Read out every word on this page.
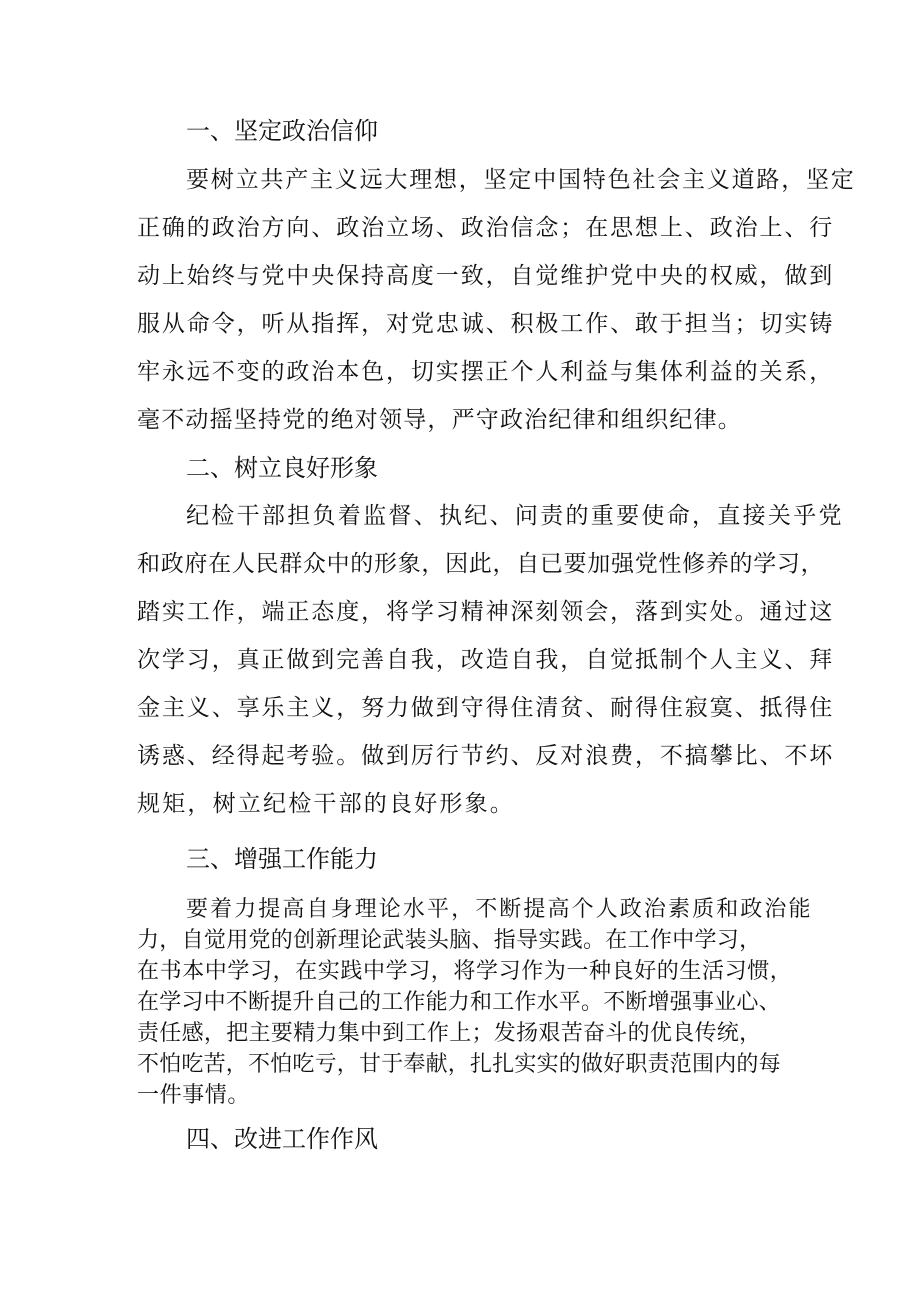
一、坚定政治信仰

要树立共产主义远大理想，坚定中国特色社会主义道路，坚定

正确的政治方向、政治立场、政治信念；在思想上、政治上、行

动上始终与党中央保持高度一致，自觉维护党中央的权威，做到

服从命令，听从指挥，对党忠诚、积极工作、敢于担当；切实铸

牢永远不变的政治本色，切实摆正个人利益与集体利益的关系，

毫不动摇坚持党的绝对领导，严守政治纪律和组织纪律。

二、树立良好形象

纪检干部担负着监督、执纪、问责的重要使命，直接关乎党

和政府在人民群众中的形象，因此，自已要加强党性修养的学习，

踏实工作，端正态度，将学习精神深刻领会，落到实处。通过这

次学习，真正做到完善自我，改造自我，自觉抵制个人主义、拜

金主义、享乐主义，努力做到守得住清贫、耐得住寂寞、抵得住

诱惑、经得起考验。做到厉行节约、反对浪费，不搞攀比、不坏

规矩，树立纪检干部的良好形象。

三、增强工作能力

要着力提高自身理论水平，不断提高个人政治素质和政治能

力，自觉用党的创新理论武装头脑、指导实践。在工作中学习，

在书本中学习，在实践中学习，将学习作为一种良好的生活习惯，

在学习中不断提升自己的工作能力和工作水平。不断增强事业心、

责任感，把主要精力集中到工作上；发扬艰苦奋斗的优良传统，

不怕吃苦，不怕吃亏，甘于奉献，扎扎实实的做好职责范围内的每

一件事情。

四、改进工作作风
